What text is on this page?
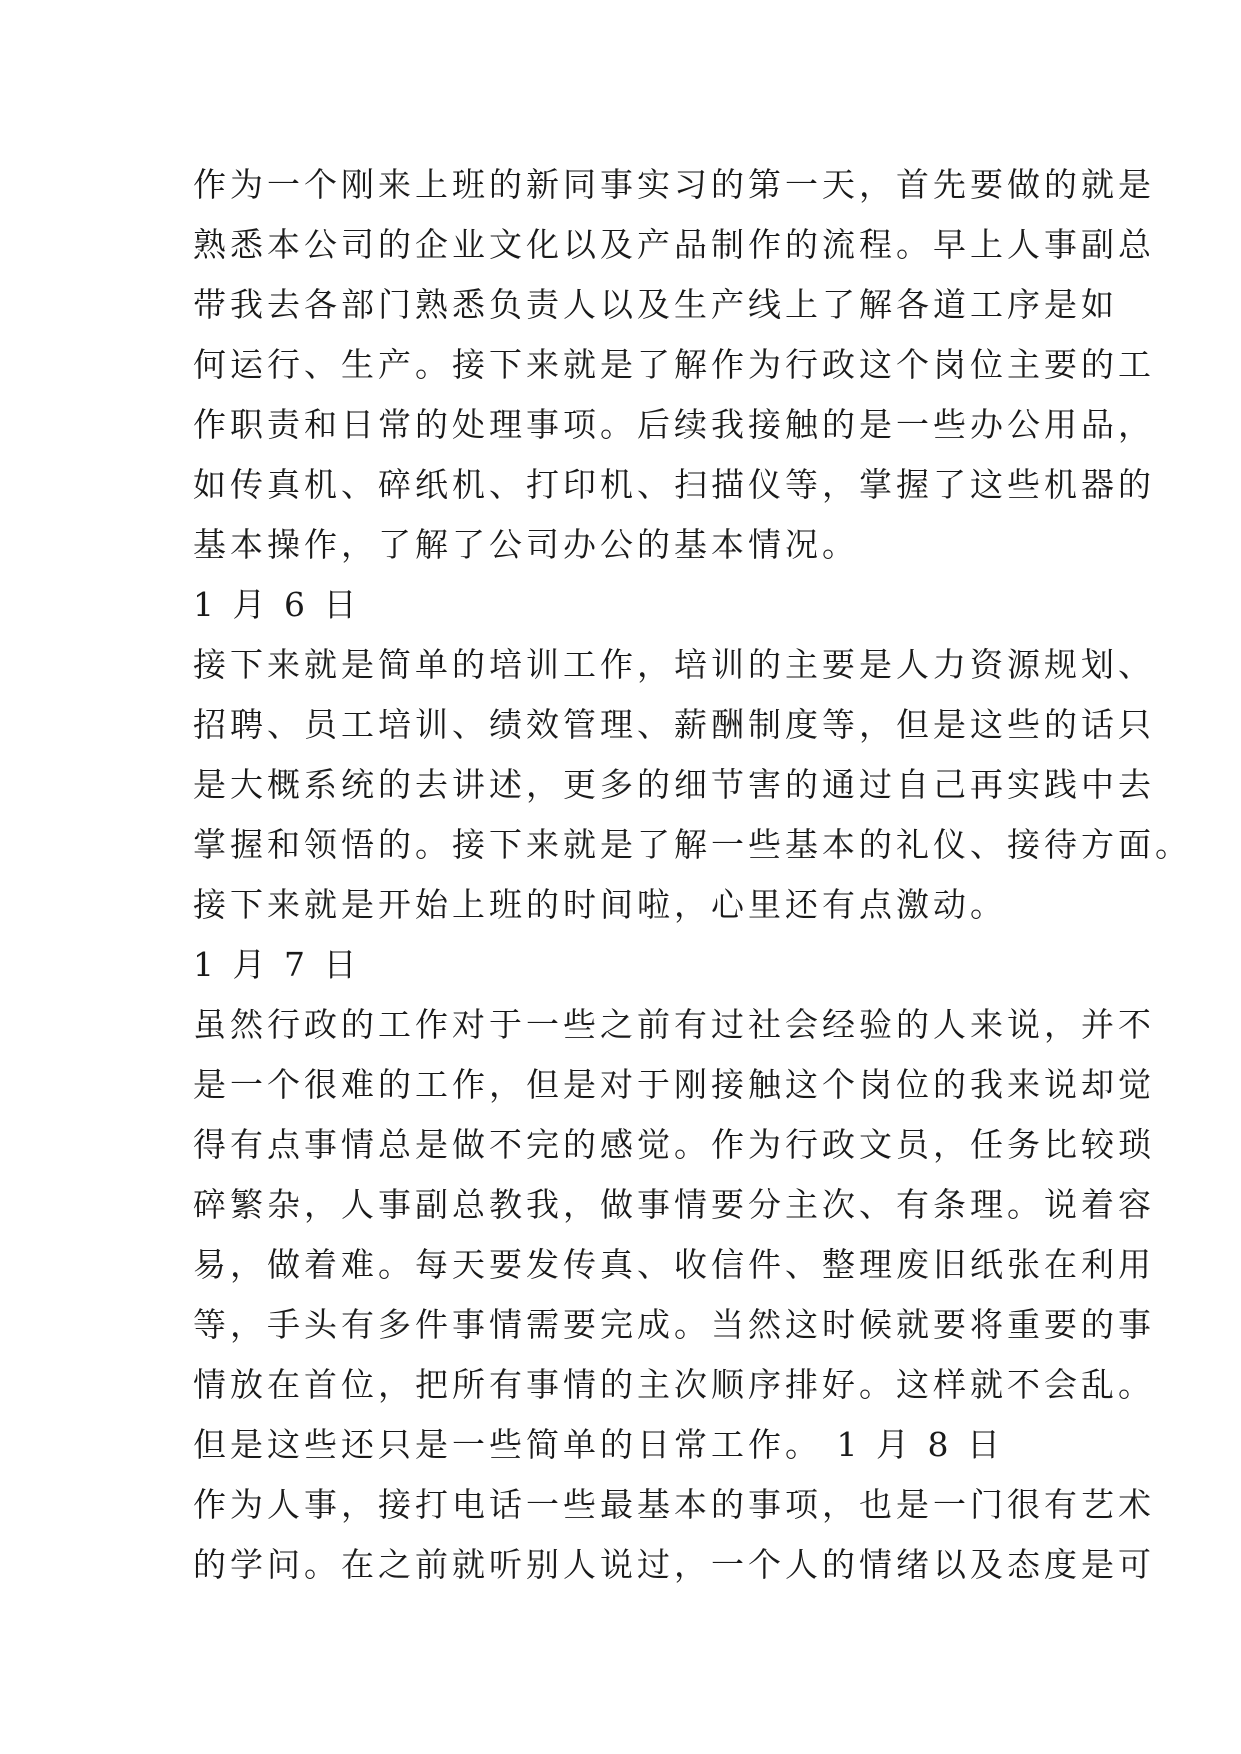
作为一个刚来上班的新同事实习的第一天，首先要做的就是
熟悉本公司的企业文化以及产品制作的流程。早上人事副总
带我去各部门熟悉负责人以及生产线上了解各道工序是如
何运行、生产。接下来就是了解作为行政这个岗位主要的工
作职责和日常的处理事项。后续我接触的是一些办公用品，
如传真机、碎纸机、打印机、扫描仪等，掌握了这些机器的
基本操作，了解了公司办公的基本情况。
1 月 6 日
接下来就是简单的培训工作，培训的主要是人力资源规划、
招聘、员工培训、绩效管理、薪酬制度等，但是这些的话只
是大概系统的去讲述，更多的细节害的通过自己再实践中去
掌握和领悟的。接下来就是了解一些基本的礼仪、接待方面。
接下来就是开始上班的时间啦，心里还有点激动。
1 月 7 日
虽然行政的工作对于一些之前有过社会经验的人来说，并不
是一个很难的工作，但是对于刚接触这个岗位的我来说却觉
得有点事情总是做不完的感觉。作为行政文员，任务比较琐
碎繁杂，人事副总教我，做事情要分主次、有条理。说着容
易，做着难。每天要发传真、收信件、整理废旧纸张在利用
等，手头有多件事情需要完成。当然这时候就要将重要的事
情放在首位，把所有事情的主次顺序排好。这样就不会乱。
但是这些还只是一些简单的日常工作。 1 月 8 日
作为人事，接打电话一些最基本的事项，也是一门很有艺术
的学问。在之前就听别人说过，一个人的情绪以及态度是可
